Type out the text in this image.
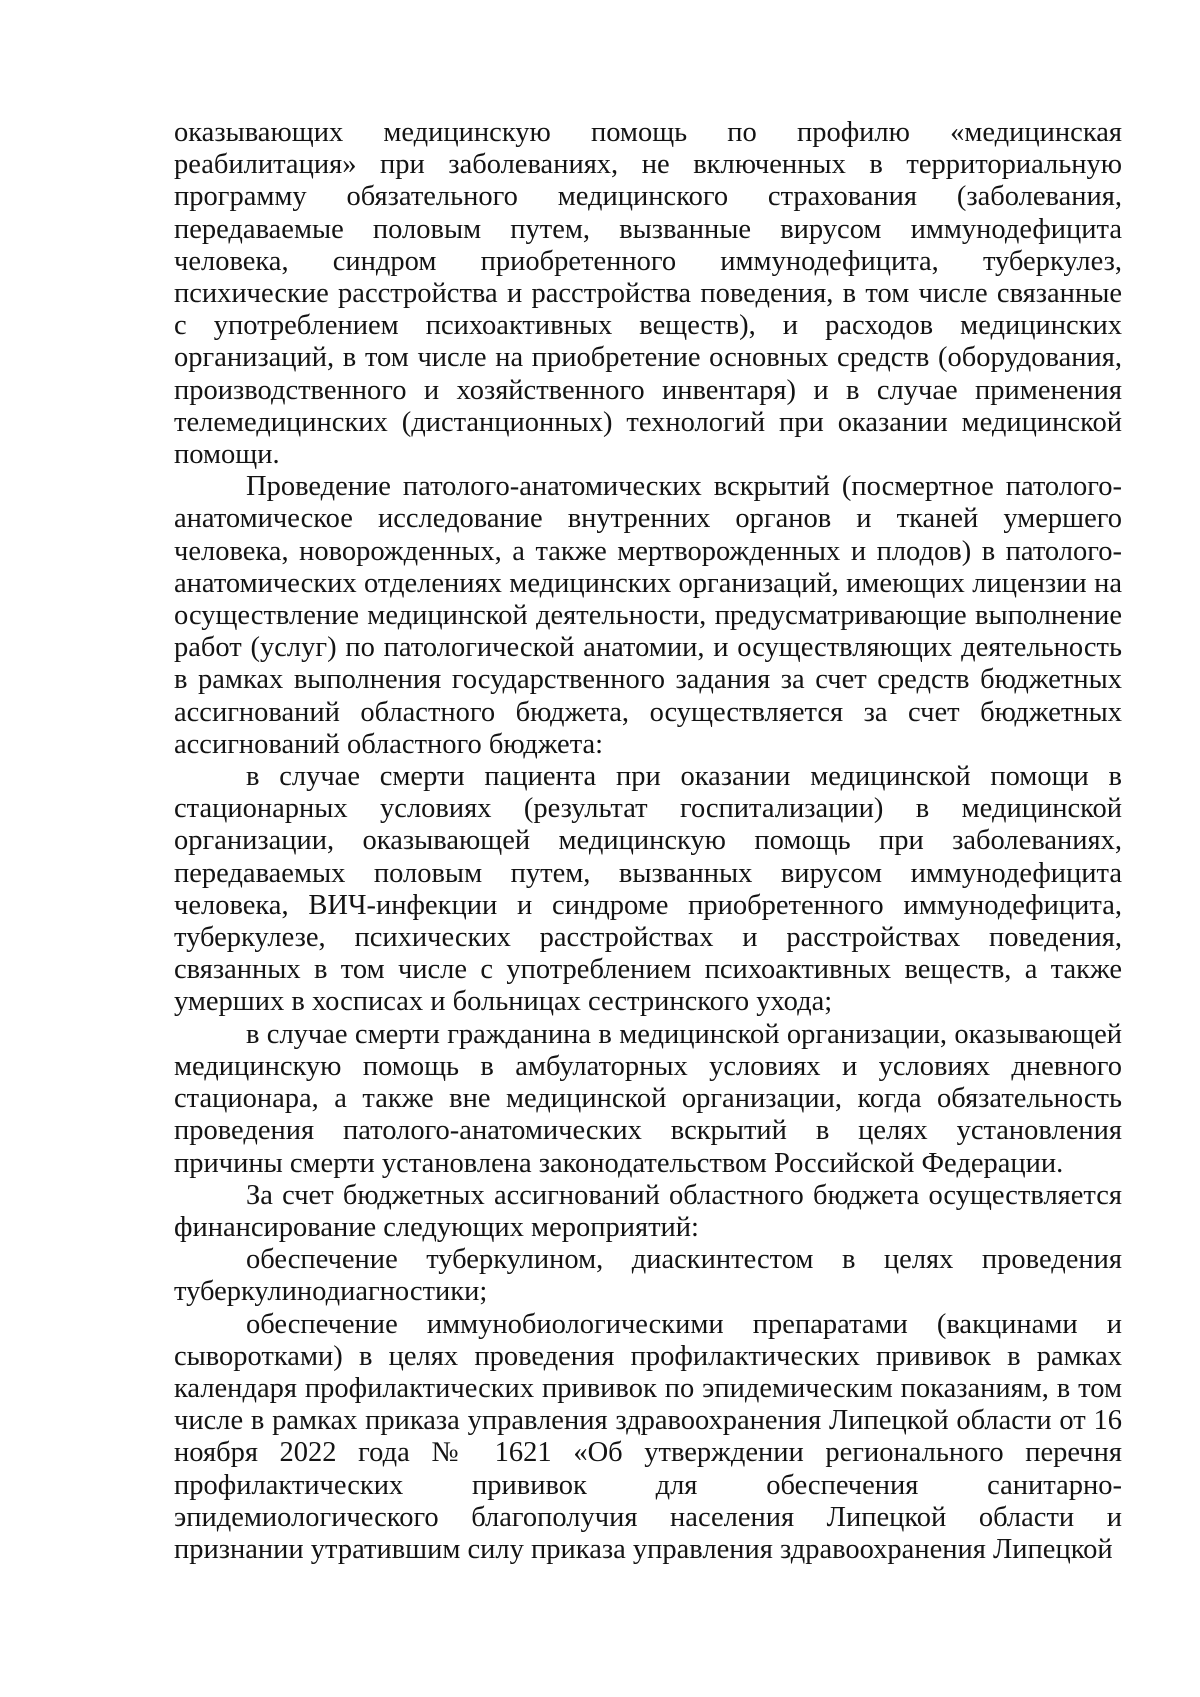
оказывающих медицинскую помощь по профилю «медицинская реабилитация» при заболеваниях, не включенных в территориальную программу обязательного медицинского страхования (заболевания, передаваемые половым путем, вызванные вирусом иммунодефицита человека, синдром приобретенного иммунодефицита, туберкулез, психические расстройства и расстройства поведения, в том числе связанные с употреблением психоактивных веществ), и расходов медицинских организаций, в том числе на приобретение основных средств (оборудования, производственного и хозяйственного инвентаря) и в случае применения телемедицинских (дистанционных) технологий при оказании медицинской помощи.

Проведение патолого-анатомических вскрытий (посмертное патолого-анатомическое исследование внутренних органов и тканей умершего человека, новорожденных, а также мертворожденных и плодов) в патолого-анатомических отделениях медицинских организаций, имеющих лицензии на осуществление медицинской деятельности, предусматривающие выполнение работ (услуг) по патологической анатомии, и осуществляющих деятельность в рамках выполнения государственного задания за счет средств бюджетных ассигнований областного бюджета, осуществляется за счет бюджетных ассигнований областного бюджета:

в случае смерти пациента при оказании медицинской помощи в стационарных условиях (результат госпитализации) в медицинской организации, оказывающей медицинскую помощь при заболеваниях, передаваемых половым путем, вызванных вирусом иммунодефицита человека, ВИЧ-инфекции и синдроме приобретенного иммунодефицита, туберкулезе, психических расстройствах и расстройствах поведения, связанных в том числе с употреблением психоактивных веществ, а также умерших в хосписах и больницах сестринского ухода;

в случае смерти гражданина в медицинской организации, оказывающей медицинскую помощь в амбулаторных условиях и условиях дневного стационара, а также вне медицинской организации, когда обязательность проведения патолого-анатомических вскрытий в целях установления причины смерти установлена законодательством Российской Федерации.

За счет бюджетных ассигнований областного бюджета осуществляется финансирование следующих мероприятий:

обеспечение туберкулином, диаскинтестом в целях проведения туберкулинодиагностики;

обеспечение иммунобиологическими препаратами (вакцинами и сыворотками) в целях проведения профилактических прививок в рамках календаря профилактических прививок по эпидемическим показаниям, в том числе в рамках приказа управления здравоохранения Липецкой области от 16 ноября 2022 года № 1621 «Об утверждении регионального перечня профилактических прививок для обеспечения санитарно-эпидемиологического благополучия населения Липецкой области и признании утратившим силу приказа управления здравоохранения Липецкой
